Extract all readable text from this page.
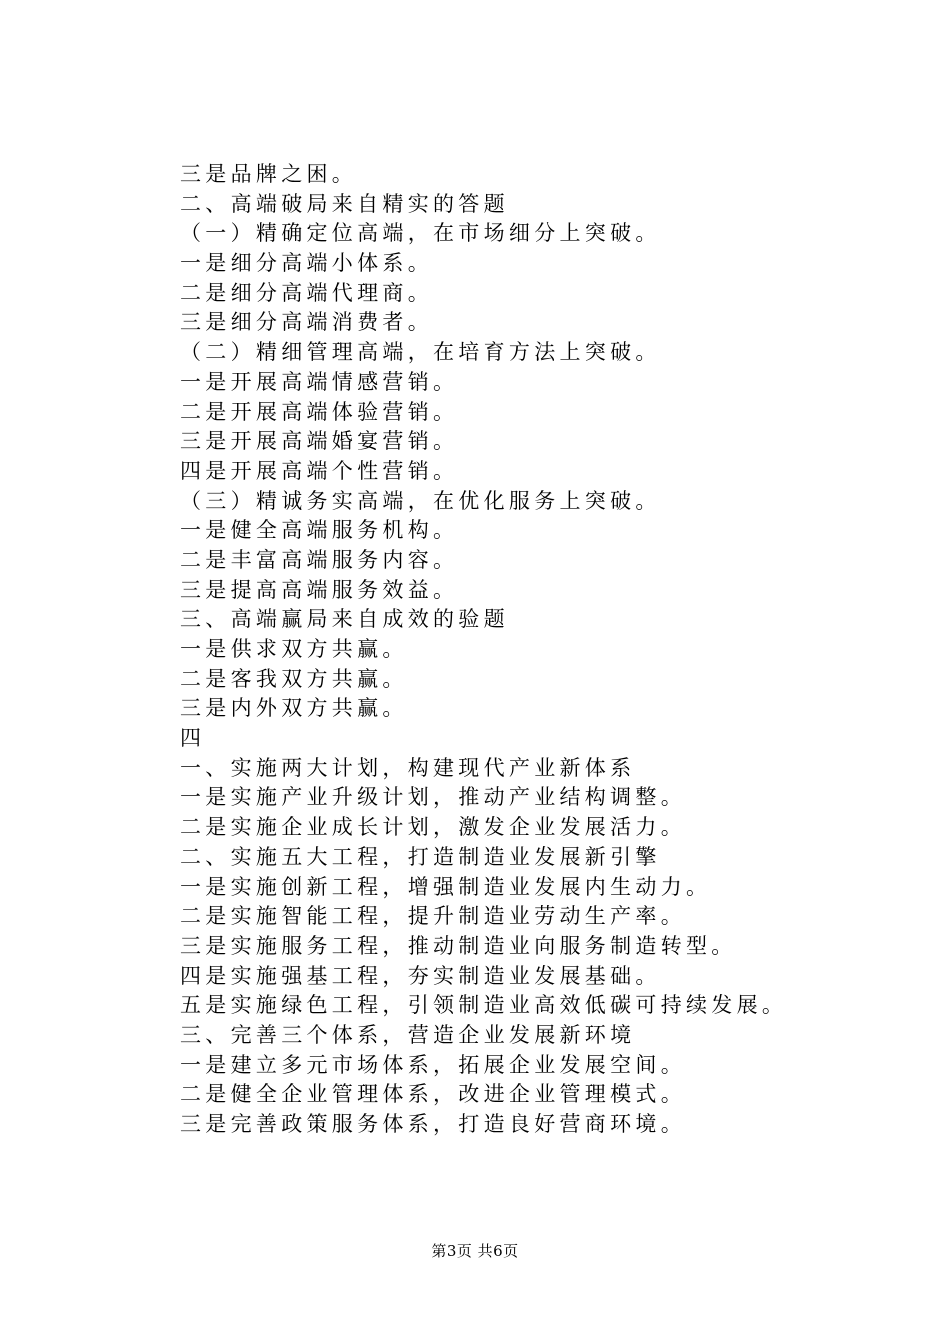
三是品牌之困。
二、高端破局来自精实的答题
（一）精确定位高端，在市场细分上突破。
一是细分高端小体系。
二是细分高端代理商。
三是细分高端消费者。
（二）精细管理高端，在培育方法上突破。
一是开展高端情感营销。
二是开展高端体验营销。
三是开展高端婚宴营销。
四是开展高端个性营销。
（三）精诚务实高端，在优化服务上突破。
一是健全高端服务机构。
二是丰富高端服务内容。
三是提高高端服务效益。
三、高端赢局来自成效的验题
一是供求双方共赢。
二是客我双方共赢。
三是内外双方共赢。
四
一、实施两大计划，构建现代产业新体系
一是实施产业升级计划，推动产业结构调整。
二是实施企业成长计划，激发企业发展活力。
二、实施五大工程，打造制造业发展新引擎
一是实施创新工程，增强制造业发展内生动力。
二是实施智能工程，提升制造业劳动生产率。
三是实施服务工程，推动制造业向服务制造转型。
四是实施强基工程，夯实制造业发展基础。
五是实施绿色工程，引领制造业高效低碳可持续发展。
三、完善三个体系，营造企业发展新环境
一是建立多元市场体系，拓展企业发展空间。
二是健全企业管理体系，改进企业管理模式。
三是完善政策服务体系，打造良好营商环境。
第3页 共6页
